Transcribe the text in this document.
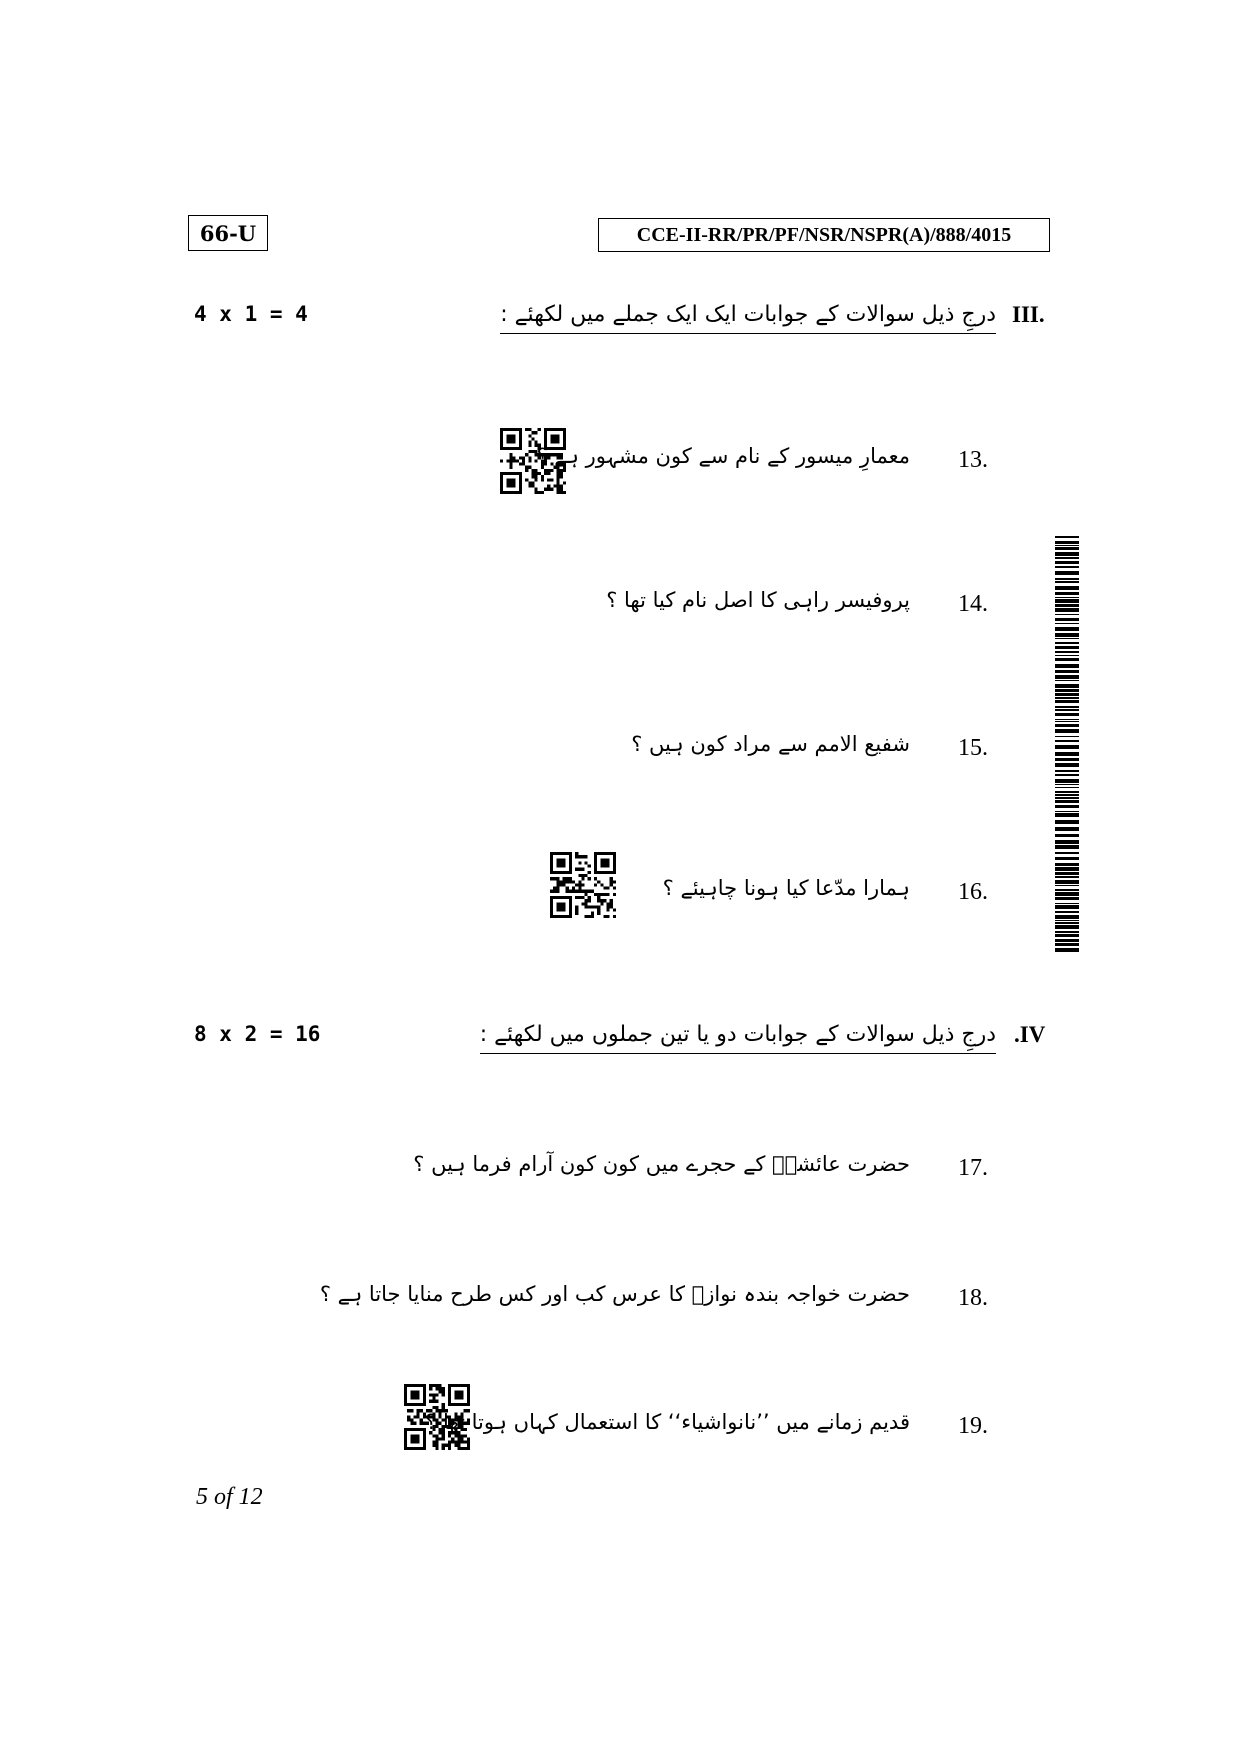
66-U	CCE-II-RR/PR/PF/NSR/NSPR(A)/888/4015
4 x 1 = 4	درجِ ذیل سوالات کے جوابات ایک ایک جملے میں لکھئے : III.
معمارِ میسور کے نام سے کون مشہور ہے ؟ 13.
پروفیسر راہی کا اصل نام کیا تھا ؟ 14.
شفیع الامم سے مراد کون ہیں ؟ 15.
ہمارا مدّعا کیا ہونا چاہیئے ؟ 16.
8 x 2 = 16	درجِ ذیل سوالات کے جوابات دو یا تین جملوں میں لکھئے : .IV
حضرت عائشہؓ کے حجرے میں کون کون آرام فرما ہیں ؟ 17.
حضرت خواجہ بندہ نوازؒ کا عرس کب اور کس طرح منایا جاتا ہے ؟ 18.
قدیم زمانے میں ’’نانواشیاء‘‘ کا استعمال کہاں ہوتا تھا ؟ 19.
5 of 12
